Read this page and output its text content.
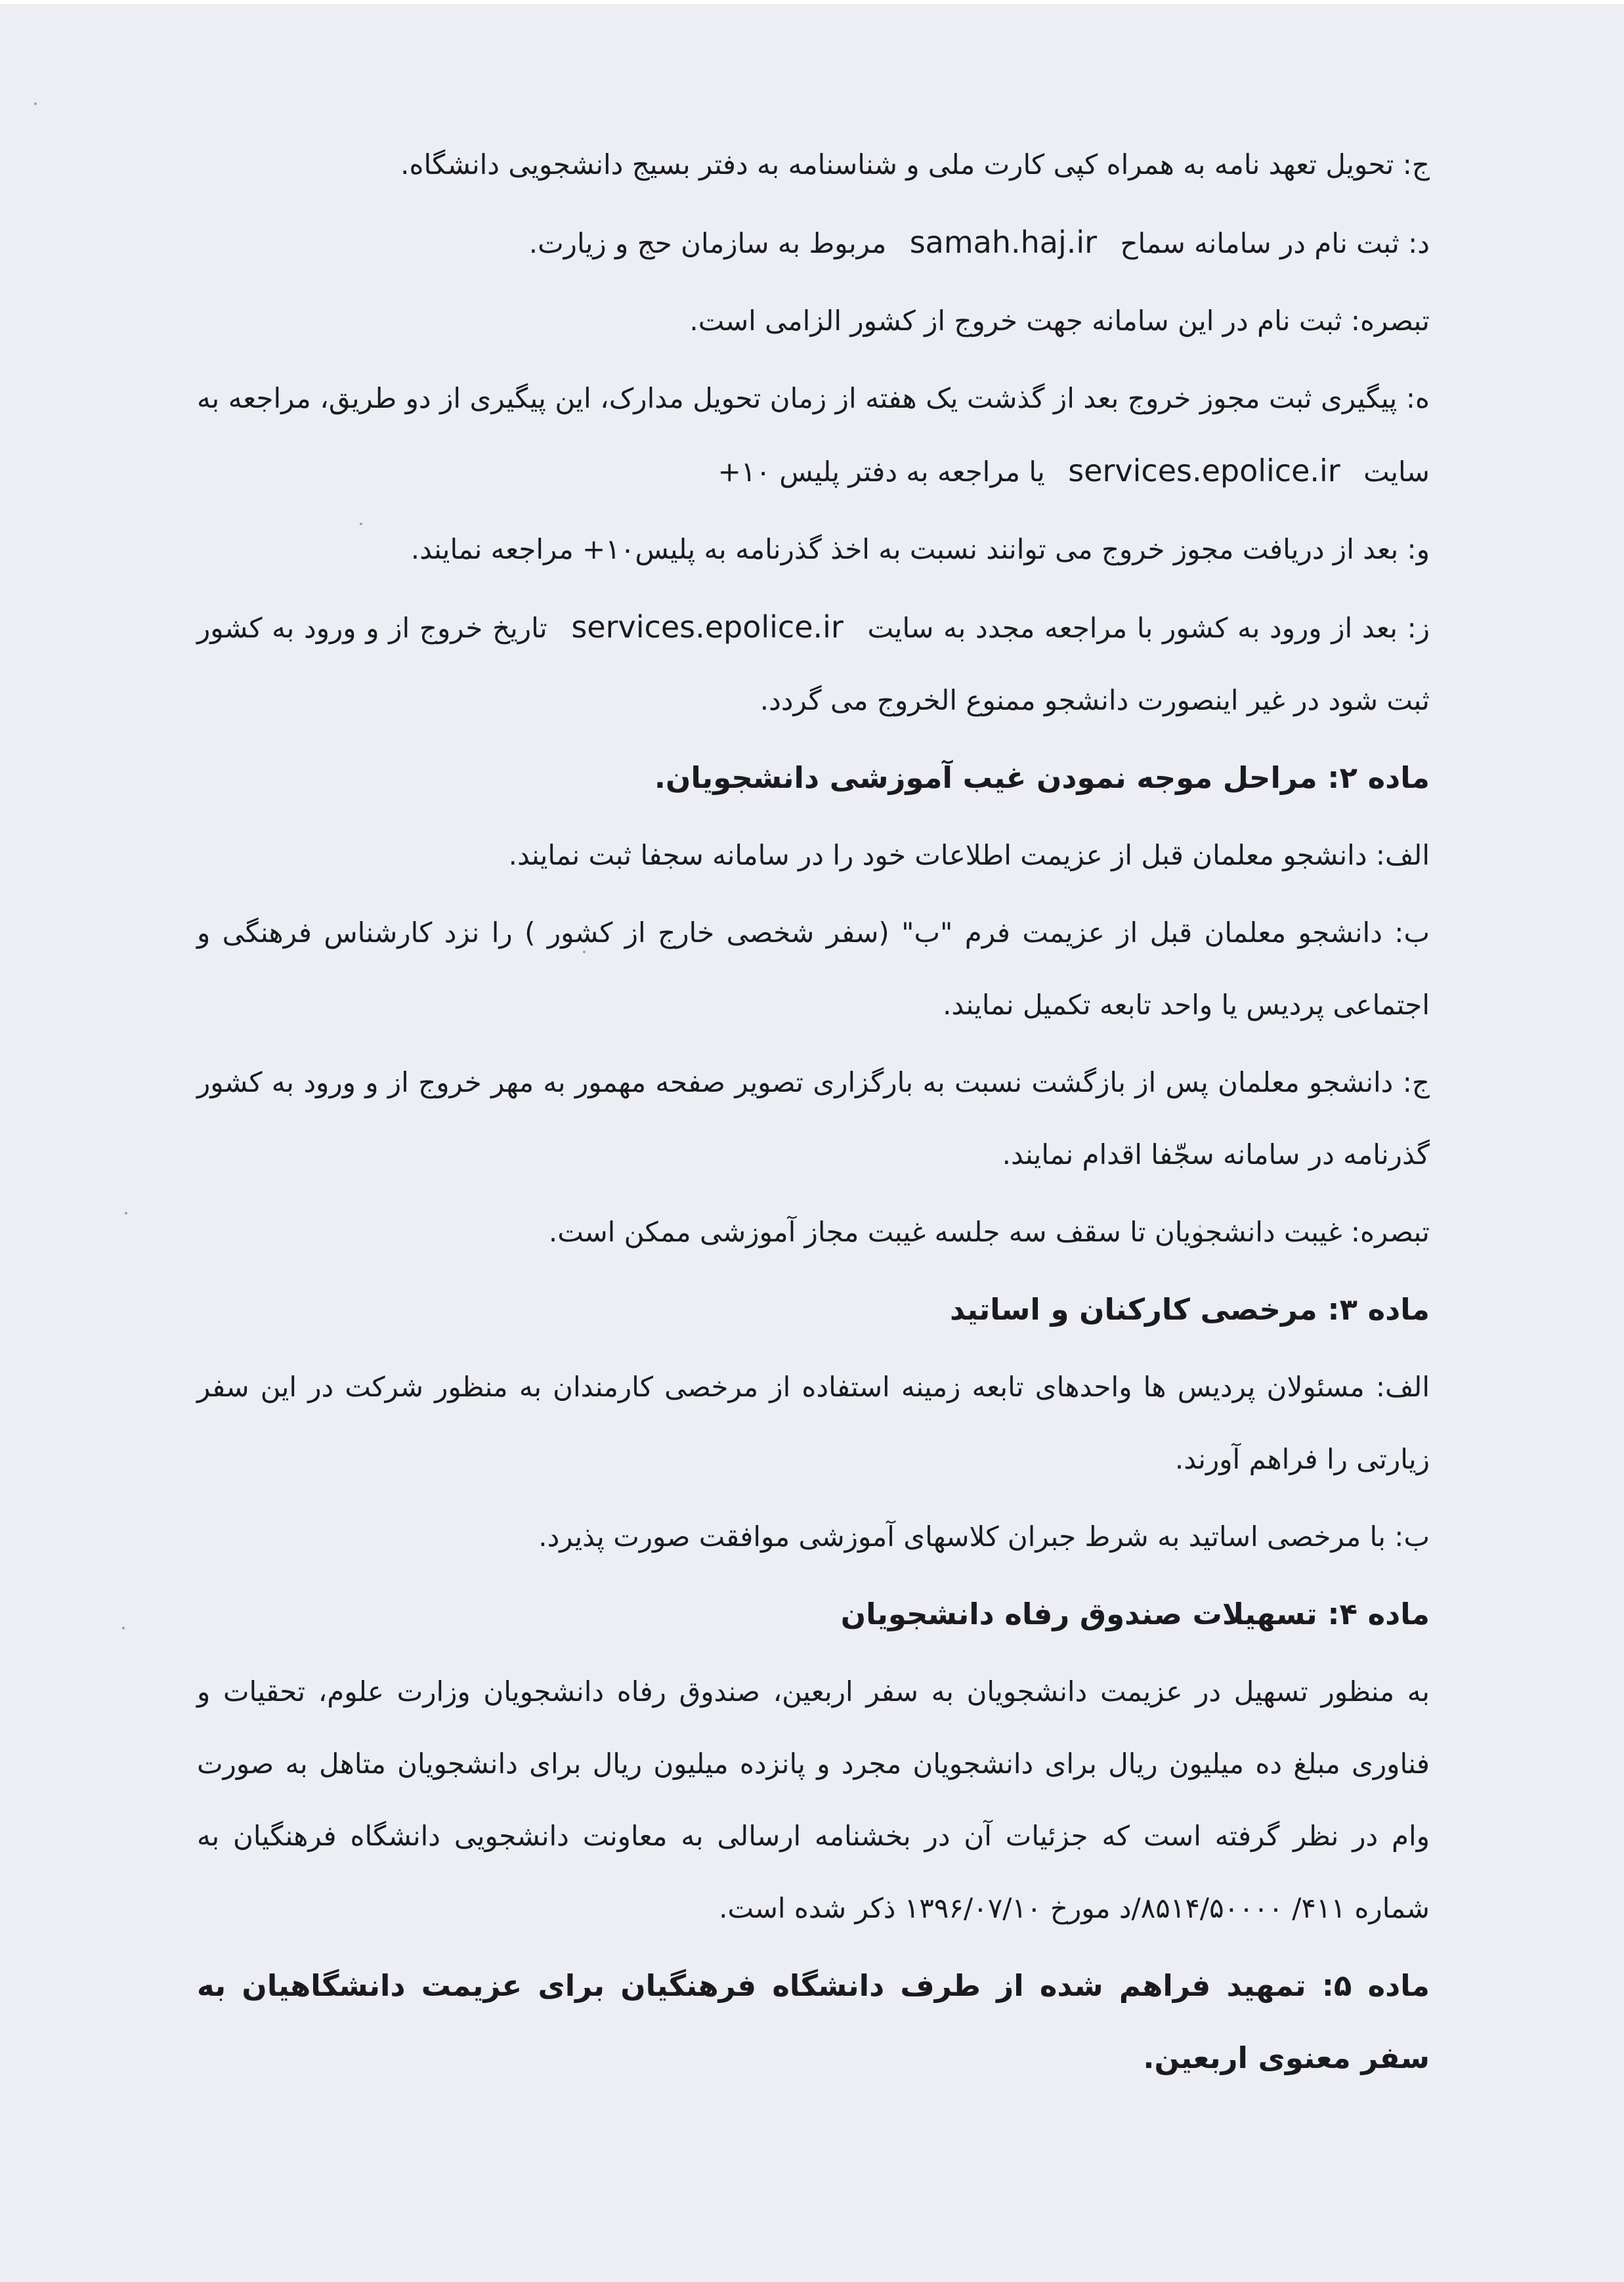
ج: تحویل تعهد نامه به همراه کپی کارت ملی و شناسنامه به دفتر بسیج دانشجویی دانشگاه.

د: ثبت نام در سامانه سماح samah.haj.ir مربوط به سازمان حج و زیارت.

تبصره: ثبت نام در این سامانه جهت خروج از کشور الزامی است.

ه: پیگیری ثبت مجوز خروج بعد از گذشت یک هفته از زمان تحویل مدارک، این پیگیری از دو طریق، مراجعه به سایت services.epolice.ir یا مراجعه به دفتر پلیس ۱۰+

و: بعد از دریافت مجوز خروج می توانند نسبت به اخذ گذرنامه به پلیس۱۰+ مراجعه نمایند.

ز: بعد از ورود به کشور با مراجعه مجدد به سایت services.epolice.ir تاریخ خروج از و ورود به کشور ثبت شود در غیر اینصورت دانشجو ممنوع الخروج می گردد.

ماده ۲: مراحل موجه نمودن غیب آموزشی دانشجویان.

الف: دانشجو معلمان قبل از عزیمت اطلاعات خود را در سامانه سجفا ثبت نمایند.

ب: دانشجو معلمان قبل از عزیمت فرم "ب" (سفر شخصی خارج از کشور ) را نزد کارشناس فرهنگی و اجتماعی پردیس یا واحد تابعه تکمیل نمایند.

ج: دانشجو معلمان پس از بازگشت نسبت به بارگزاری تصویر صفحه مهمور به مهر خروج از و ورود به کشور گذرنامه در سامانه سجّفا اقدام نمایند.

تبصره: غیبت دانشجویان تا سقف سه جلسه غیبت مجاز آموزشی ممکن است.

ماده ۳: مرخصی کارکنان و اساتید

الف: مسئولان پردیس ها واحدهای تابعه زمینه استفاده از مرخصی کارمندان به منظور شرکت در این سفر زیارتی را فراهم آورند.

ب: با مرخصی اساتید به شرط جبران کلاسهای آموزشی موافقت صورت پذیرد.

ماده ۴: تسهیلات صندوق رفاه دانشجویان

به منظور تسهیل در عزیمت دانشجویان به سفر اربعین، صندوق رفاه دانشجویان وزارت علوم، تحقیات و فناوری مبلغ ده میلیون ریال برای دانشجویان مجرد و پانزده میلیون ریال برای دانشجویان متاهل به صورت وام در نظر گرفته است که جزئیات آن در بخشنامه ارسالی به معاونت دانشجویی دانشگاه فرهنگیان به شماره ۴۱۱/ ۸۵۱۴/۵۰۰۰۰/د مورخ ۱۳۹۶/۰۷/۱۰ ذکر شده است.

ماده ۵: تمهید فراهم شده از طرف دانشگاه فرهنگیان برای عزیمت دانشگاهیان به سفر معنوی اربعین.
